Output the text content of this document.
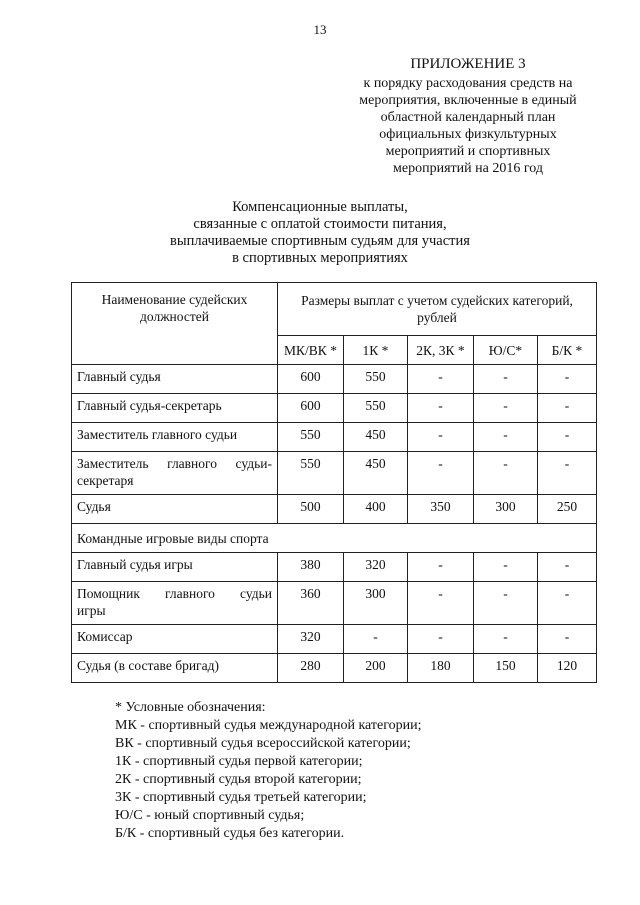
13
ПРИЛОЖЕНИЕ 3
к порядку расходования средств на
мероприятия, включенные в единый
областной календарный план
официальных физкультурных
мероприятий и спортивных
мероприятий на 2016 год
Компенсационные выплаты,
связанные с оплатой стоимости питания,
выплачиваемые спортивным судьям для участия
в спортивных мероприятиях
Наименование судейских должностей	Размеры выплат с учетом судейских категорий, рублей				
	МК/ВК *	1К *	2К, 3К *	Ю/С*	Б/К *
Главный судья	600	550	-	-	-
Главный судья-секретарь	600	550	-	-	-
Заместитель главного судьи	550	450	-	-	-
Заместитель главного судьи-
секретаря	550	450	-	-	-
Судья	500	400	350	300	250
Командные игровые виды спорта					
Главный судья игры	380	320	-	-	-
Помощник главного судьи
игры	360	300	-	-	-
Комиссар	320	-	-	-	-
Судья (в составе бригад)	280	200	180	150	120
* Условные обозначения:
МК - спортивный судья международной категории;
ВК - спортивный судья всероссийской категории;
1К - спортивный судья первой категории;
2К - спортивный судья второй категории;
3К - спортивный судья третьей категории;
Ю/С - юный спортивный судья;
Б/К - спортивный судья без категории.
